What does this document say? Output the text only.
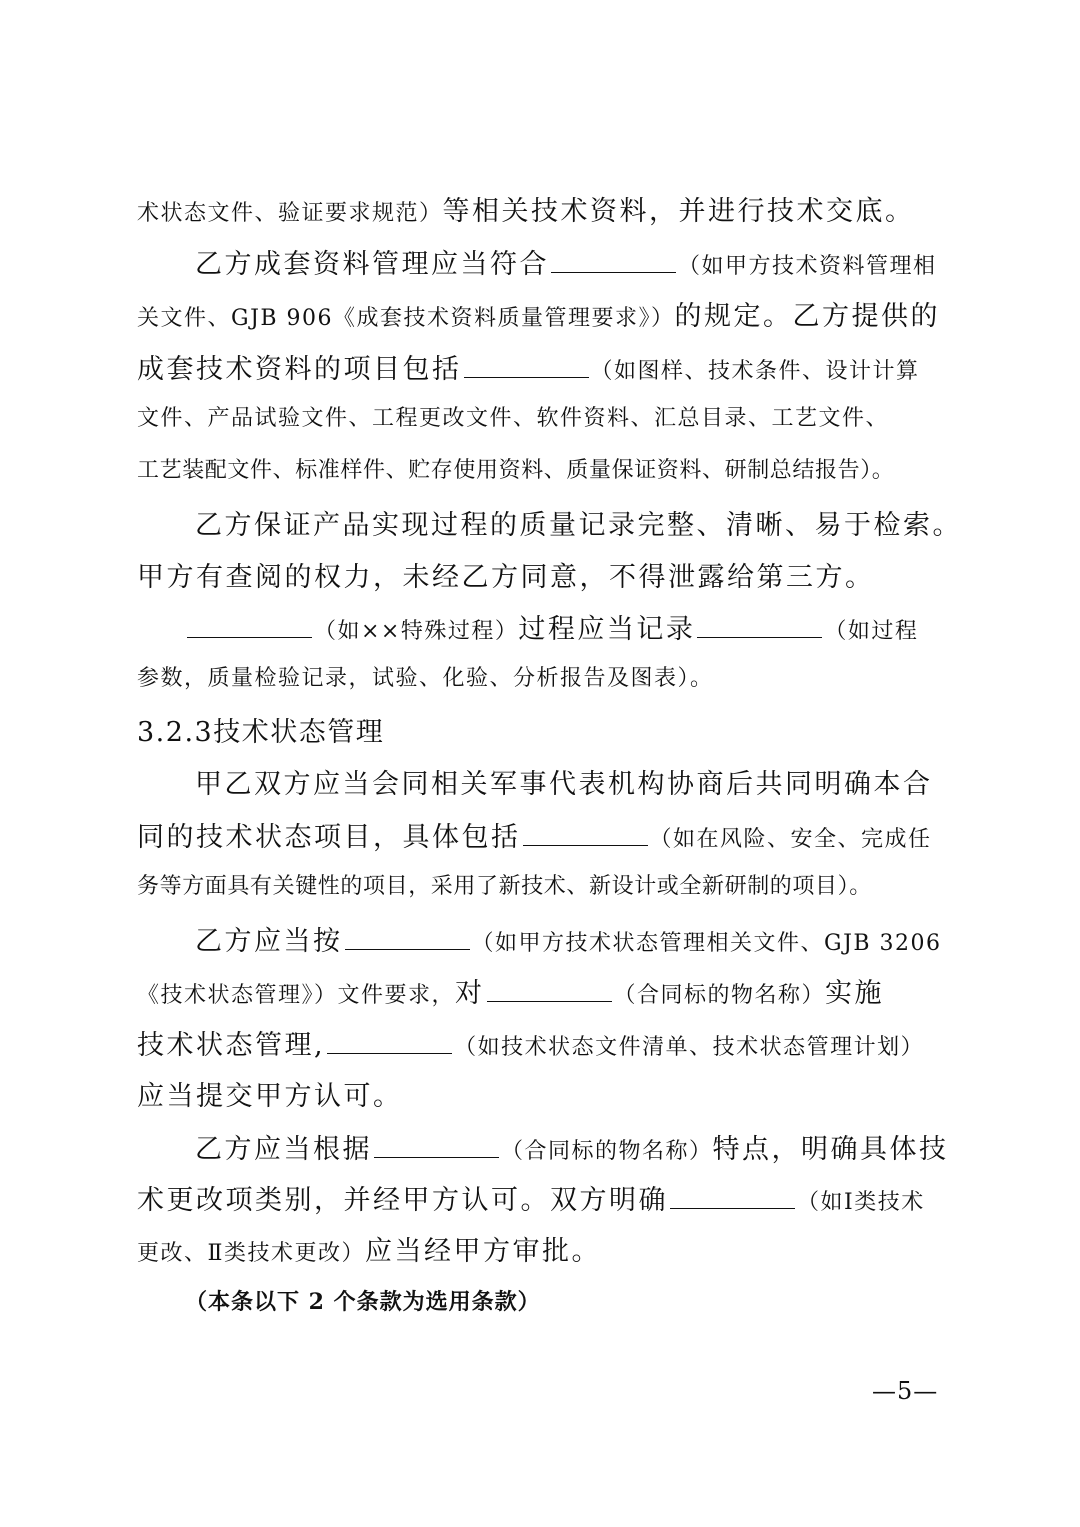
术状态文件、验证要求规范）等相关技术资料，并进行技术交底。
乙方成套资料管理应当符合	（如甲方技术资料管理相
关文件、GJB 906《成套技术资料质量管理要求》）的规定。乙方提供的
成套技术资料的项目包括	（如图样、技术条件、设计计算
文件、产品试验文件、工程更改文件、软件资料、汇总目录、工艺文件、
工艺装配文件、标准样件、贮存使用资料、质量保证资料、研制总结报告）。
乙方保证产品实现过程的质量记录完整、清晰、易于检索。
甲方有查阅的权力，未经乙方同意，不得泄露给第三方。
（如××特殊过程）过程应当记录	（如过程
参数，质量检验记录，试验、化验、分析报告及图表）。
3.2.3技术状态管理
甲乙双方应当会同相关军事代表机构协商后共同明确本合
同的技术状态项目，具体包括	（如在风险、安全、完成任
务等方面具有关键性的项目，采用了新技术、新设计或全新研制的项目）。
乙方应当按	（如甲方技术状态管理相关文件、GJB 3206
《技术状态管理》）文件要求，对	（合同标的物名称）实施
技术状态管理,	（如技术状态文件清单、技术状态管理计划）
应当提交甲方认可。
乙方应当根据	（合同标的物名称）特点，明确具体技
术更改项类别，并经甲方认可。双方明确	（如Ⅰ类技术
更改、Ⅱ类技术更改）应当经甲方审批。
（本条以下 2 个条款为选用条款）
—5—
